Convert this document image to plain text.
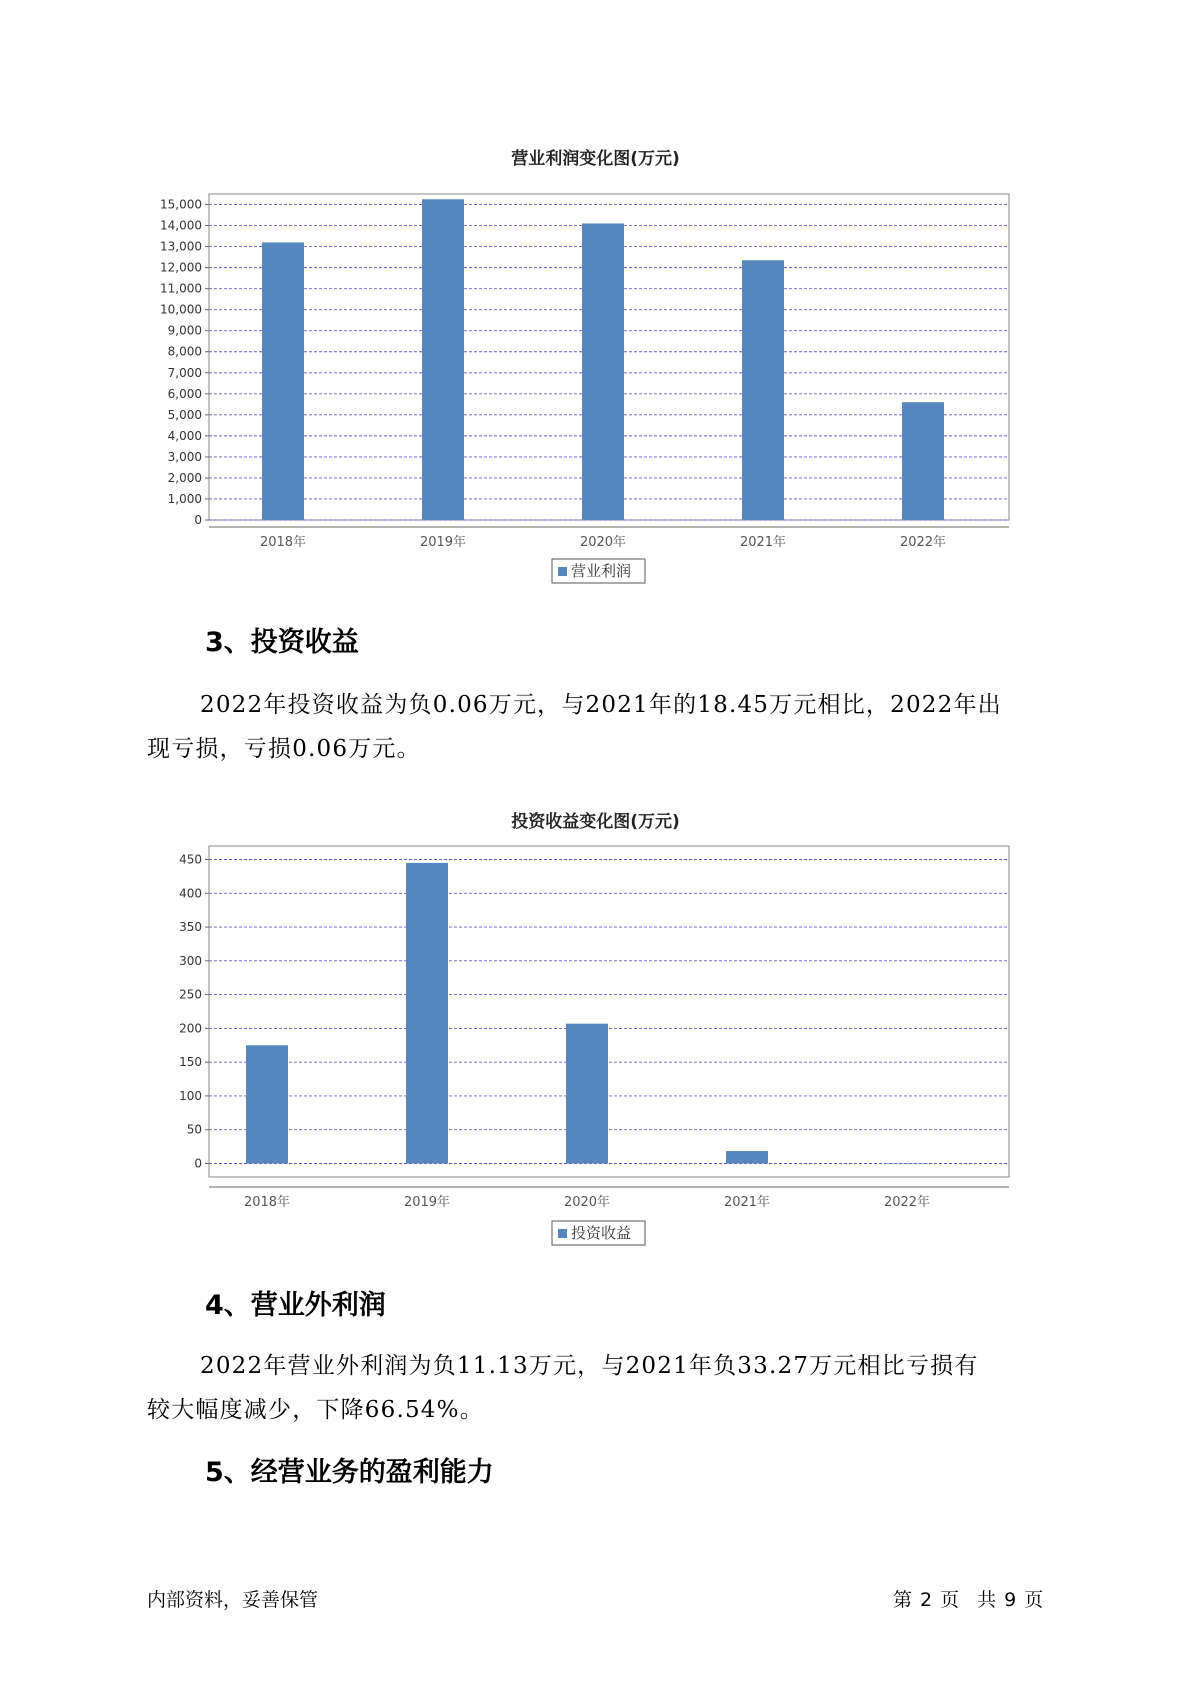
营业利润变化图(万元)
0
1,000
2,000
3,000
4,000
5,000
6,000
7,000
8,000
9,000
10,000
11,000
12,000
13,000
14,000
15,000
2018年	2019年	2020年	2021年	2022年
营业利润
3、投资收益
2022年投资收益为负0.06万元，与2021年的18.45万元相比，2022年出
现亏损，亏损0.06万元。
投资收益变化图(万元)
0
50
100
150
200
250
300
350
400
450
2018年	2019年	2020年	2021年	2022年
投资收益
4、营业外利润
2022年营业外利润为负11.13万元，与2021年负33.27万元相比亏损有
较大幅度减少，下降66.54%。
5、经营业务的盈利能力
内部资料，妥善保管	第 2 页 共 9 页
